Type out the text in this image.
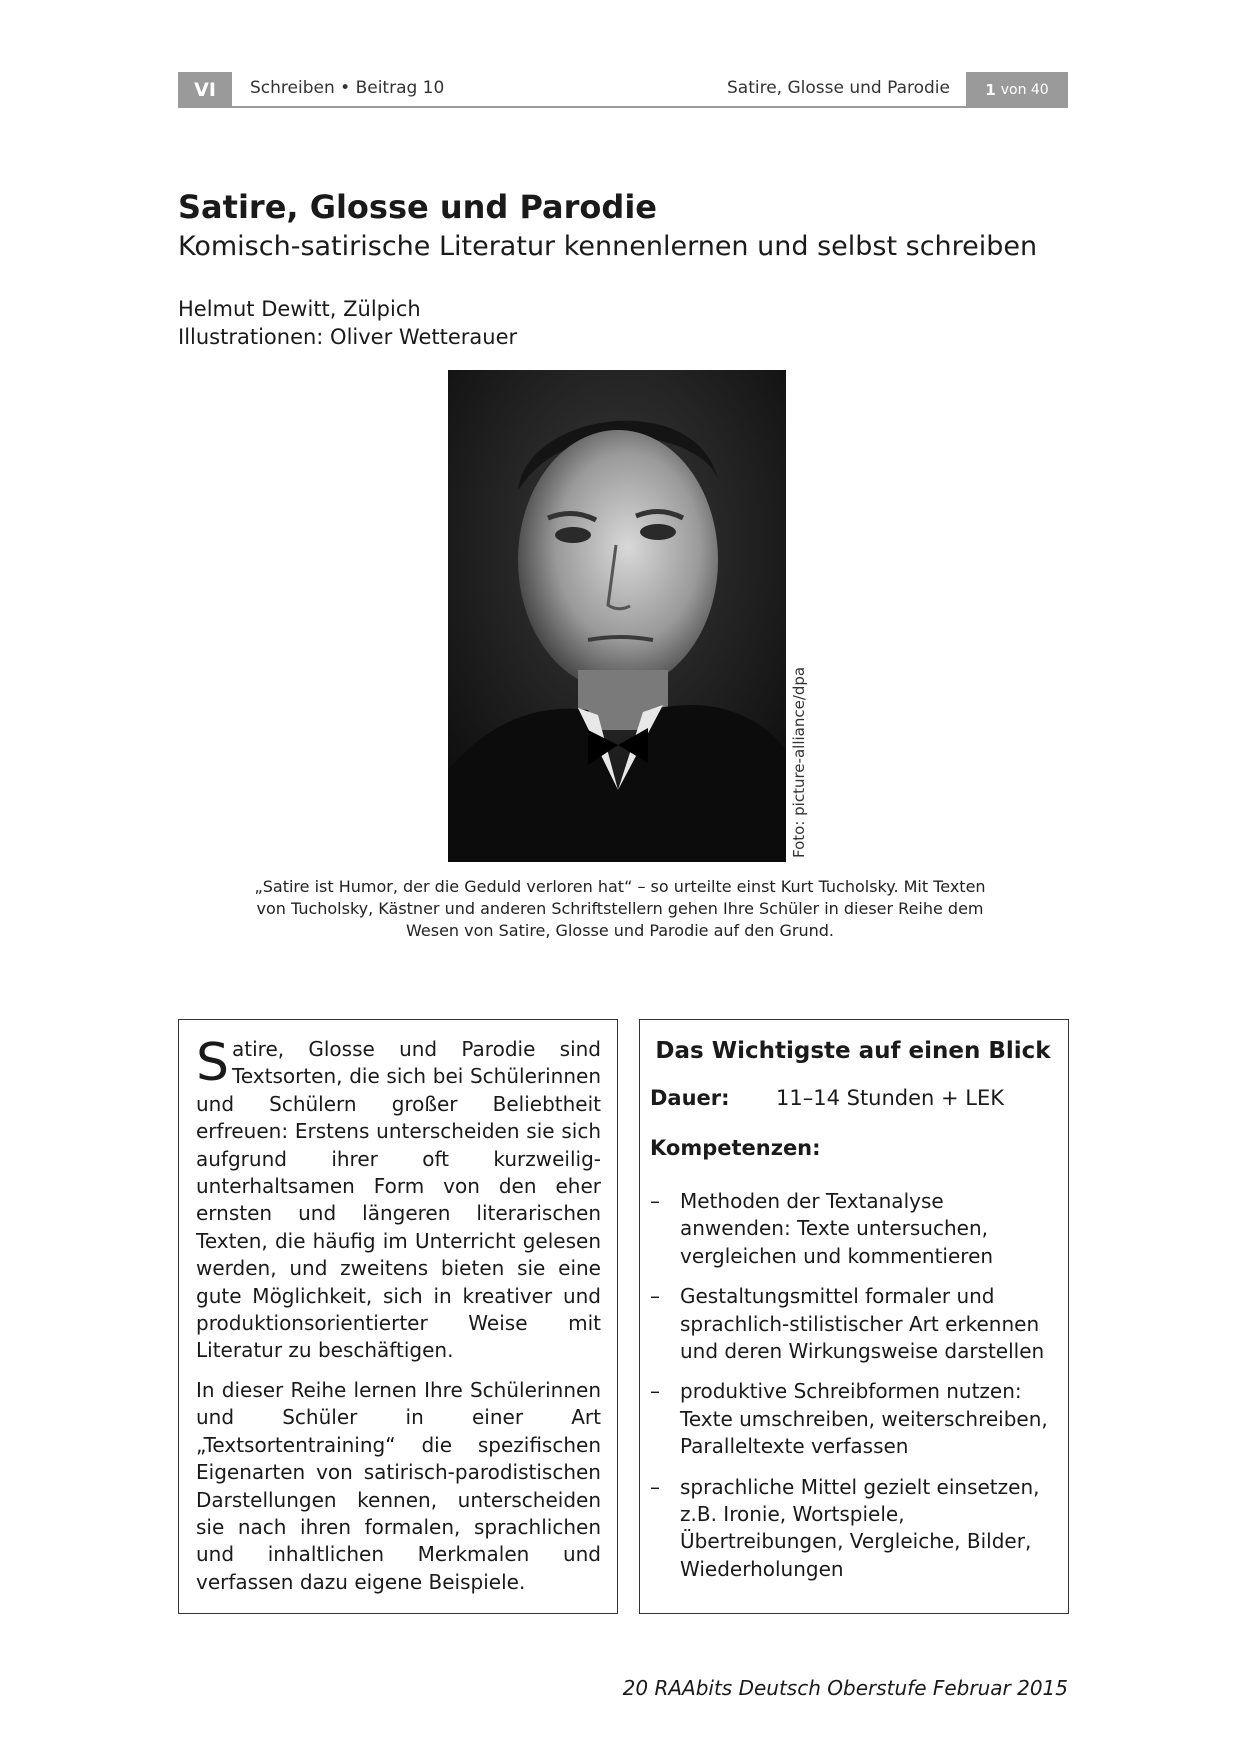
VI	Schreiben • Beitrag 10	Satire, Glosse und Parodie 1 von 40
Satire, Glosse und Parodie
Komisch-satirische Literatur kennenlernen und selbst schreiben
Helmut Dewitt, Zülpich
Illustrationen: Oliver Wetterauer
Foto: picture-alliance/dpa
„Satire ist Humor, der die Geduld verloren hat“ – so urteilte einst Kurt Tucholsky. Mit Texten von Tucholsky, Kästner und anderen Schriftstellern gehen Ihre Schüler in dieser Reihe dem Wesen von Satire, Glosse und Parodie auf den Grund.

Satire, Glosse und Parodie sind Textsorten, die sich bei Schülerinnen und Schülern großer Beliebtheit erfreuen: Erstens unterscheiden sie sich aufgrund ihrer oft kurzweilig-unterhaltsamen Form von den eher ernsten und längeren literarischen Texten, die häufig im Unterricht gelesen werden, und zweitens bieten sie eine gute Möglichkeit, sich in kreativer und produktionsorientierter Weise mit Literatur zu beschäftigen.

In dieser Reihe lernen Ihre Schülerinnen und Schüler in einer Art „Textsortentraining“ die spezifischen Eigenarten von satirisch-parodistischen Darstellungen kennen, unterscheiden sie nach ihren formalen, sprachlichen und inhaltlichen Merkmalen und verfassen dazu eigene Beispiele.

Das Wichtigste auf einen Blick
Dauer: 11–14 Stunden + LEK
Kompetenzen:
– Methoden der Textanalyse anwenden: Texte untersuchen, vergleichen und kommentieren
– Gestaltungsmittel formaler und sprachlich-stilistischer Art erkennen und deren Wirkungsweise darstellen
– produktive Schreibformen nutzen: Texte umschreiben, weiterschreiben, Paralleltexte verfassen
– sprachliche Mittel gezielt einsetzen, z.B. Ironie, Wortspiele, Übertreibungen, Vergleiche, Bilder, Wiederholungen
20 RAAbits Deutsch Oberstufe Februar 2015
